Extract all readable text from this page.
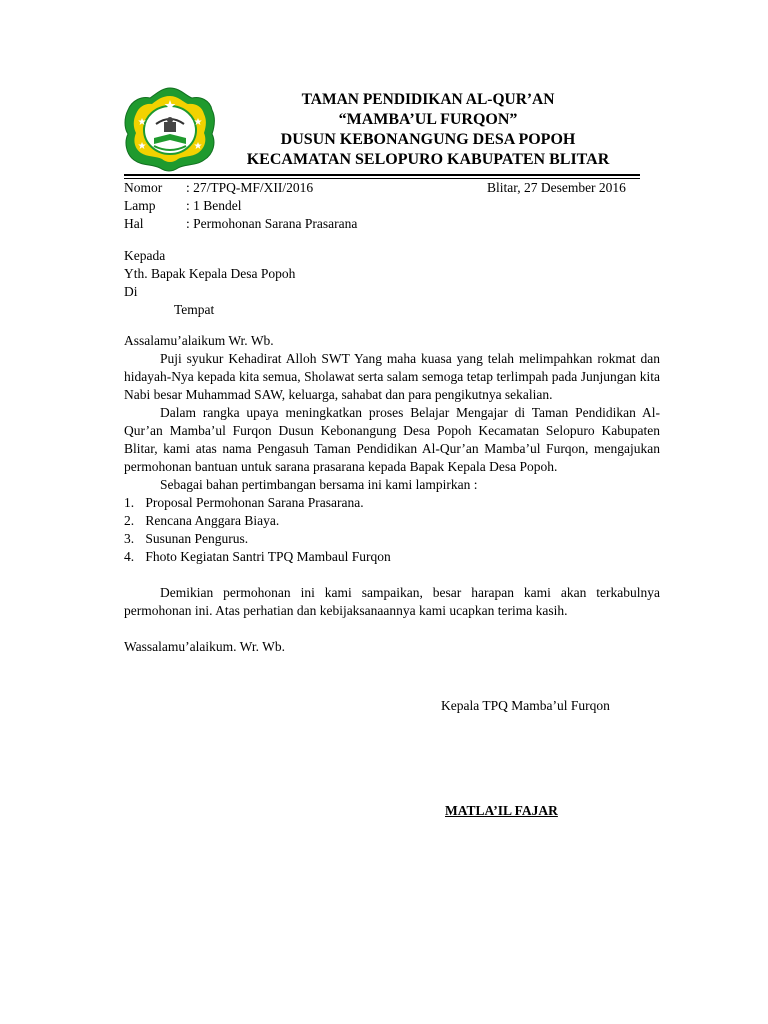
TAMAN PENDIDIKAN AL-QUR’AN
“MAMBA’UL FURQON”
DUSUN KEBONANGUNG DESA POPOH
KECAMATAN SELOPURO KABUPATEN BLITAR
Nomor	: 27/TPQ-MF/XII/2016
Lamp	: 1 Bendel
Hal	: Permohonan Sarana Prasarana
Blitar, 27 Desember 2016
Kepada
Yth. Bapak Kepala Desa Popoh
Di
Tempat

Assalamu’alaikum Wr. Wb.

Puji syukur Kehadirat Alloh SWT Yang maha kuasa yang telah melimpahkan rokmat dan hidayah-Nya kepada kita semua, Sholawat serta salam semoga tetap terlimpah pada Junjungan kita Nabi besar Muhammad SAW, keluarga, sahabat dan para pengikutnya sekalian.

Dalam rangka upaya meningkatkan proses Belajar Mengajar di Taman Pendidikan Al-Qur’an Mamba’ul Furqon Dusun Kebonangung Desa Popoh Kecamatan Selopuro Kabupaten Blitar, kami atas nama Pengasuh Taman Pendidikan Al-Qur’an Mamba’ul Furqon, mengajukan permohonan bantuan untuk sarana prasarana kepada Bapak Kepala Desa Popoh.

Sebagai bahan pertimbangan bersama ini kami lampirkan :

1. Proposal Permohonan Sarana Prasarana.
2. Rencana Anggara Biaya.
3. Susunan Pengurus.
4. Fhoto Kegiatan Santri TPQ Mambaul Furqon

Demikian permohonan ini kami sampaikan, besar harapan kami akan terkabulnya permohonan ini. Atas perhatian dan kebijaksanaannya kami ucapkan terima kasih.

Wassalamu’alaikum. Wr. Wb.

Kepala TPQ Mamba’ul Furqon
MATLA’IL FAJAR
